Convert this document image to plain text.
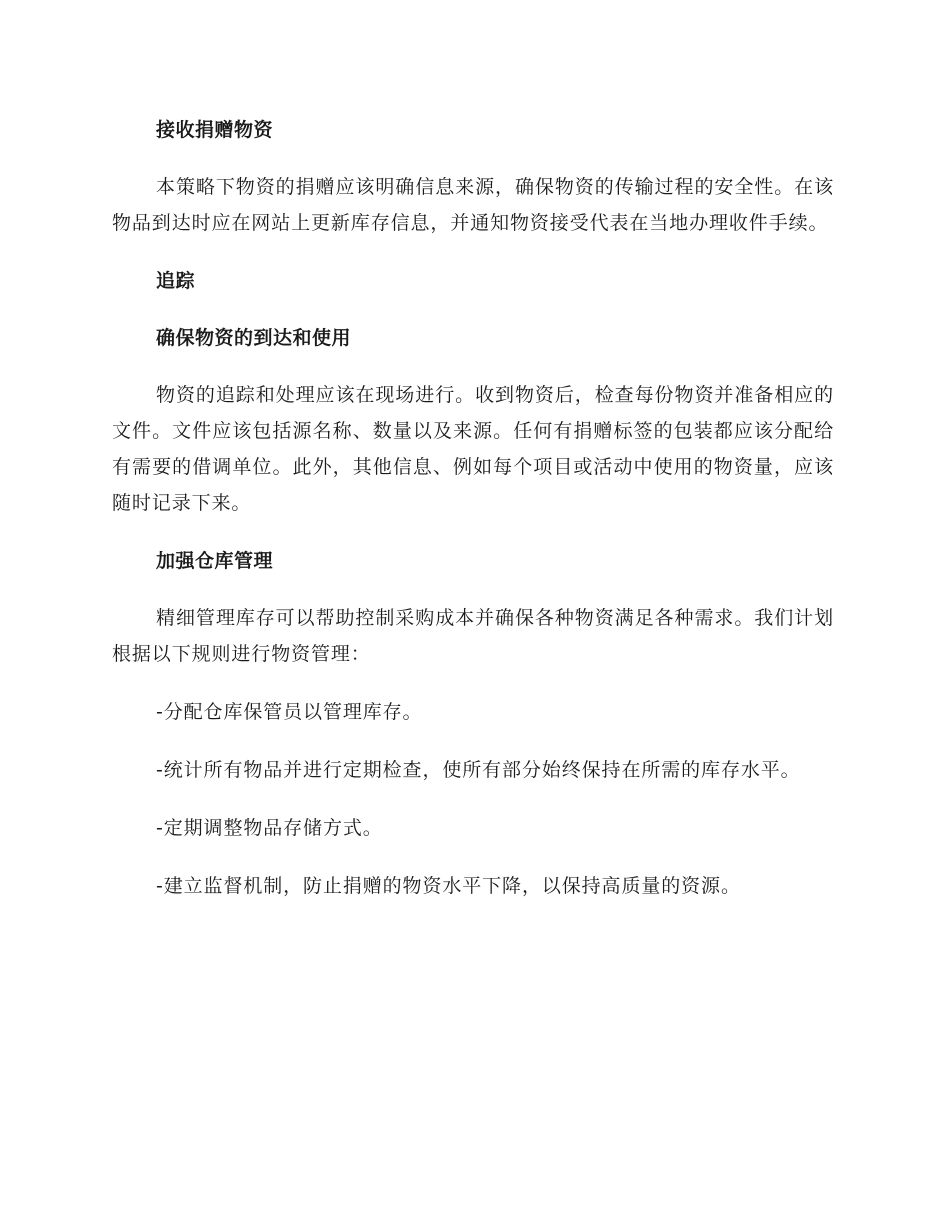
接收捐赠物资

本策略下物资的捐赠应该明确信息来源，确保物资的传输过程的安全性。在该物品到达时应在网站上更新库存信息，并通知物资接受代表在当地办理收件手续。

追踪
确保物资的到达和使用

物资的追踪和处理应该在现场进行。收到物资后，检查每份物资并准备相应的文件。文件应该包括源名称、数量以及来源。任何有捐赠标签的包装都应该分配给有需要的借调单位。此外，其他信息、例如每个项目或活动中使用的物资量，应该随时记录下来。

加强仓库管理

精细管理库存可以帮助控制采购成本并确保各种物资满足各种需求。我们计划根据以下规则进行物资管理：

-分配仓库保管员以管理库存。

-统计所有物品并进行定期检查，使所有部分始终保持在所需的库存水平。

-定期调整物品存储方式。

-建立监督机制，防止捐赠的物资水平下降，以保持高质量的资源。
